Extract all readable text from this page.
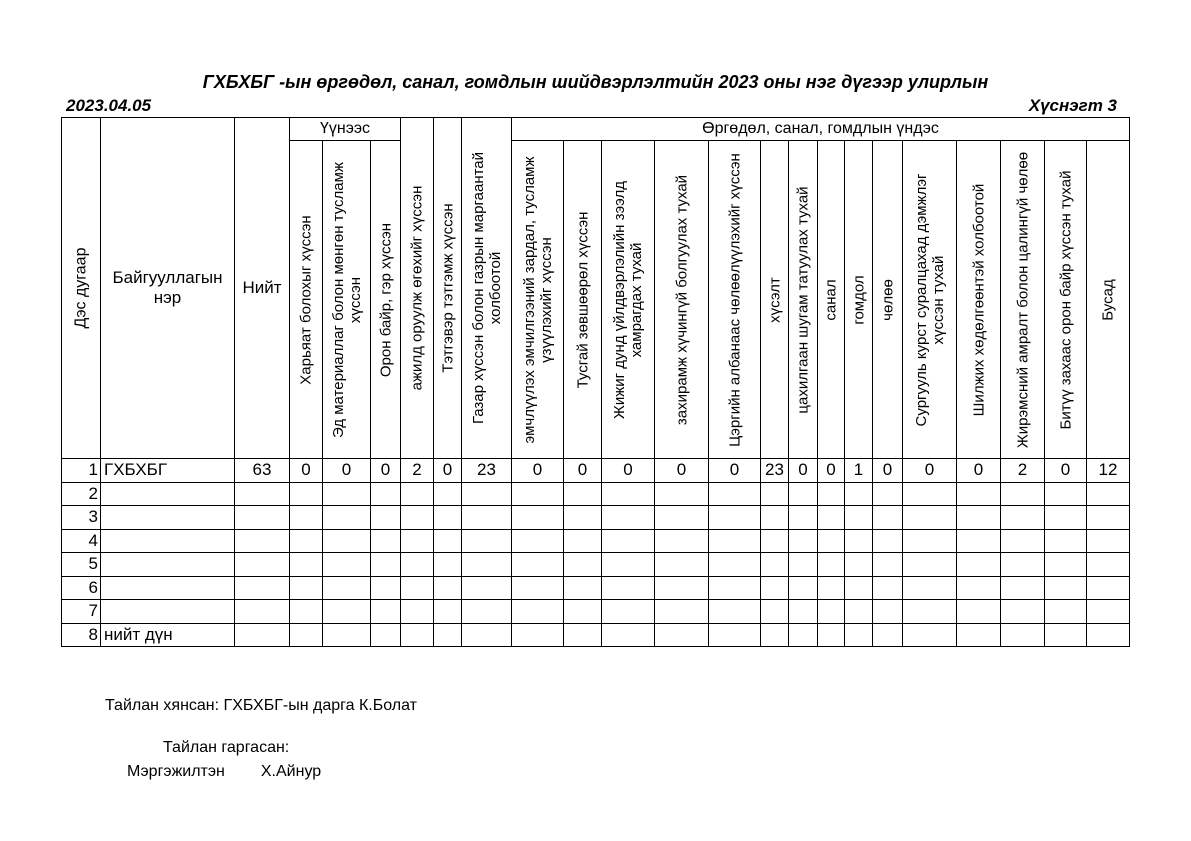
ГХБХБГ -ын өргөдөл, санал, гомдлын шийдвэрлэлтийн 2023 оны нэг дүгээр улирлын
2023.04.05	Хүснэгт 3
Дэс дугаар	Байгууллагын нэр	Нийт	Үүнээс			ажилд оруулж өгөхийг хүссэн	Тэтгэвэр тэтгэмж хүссэн	Газар хүссэн болон газрын маргаантай холбоотой	Өргөдөл, санал, гомдлын үндэс														

			Харьяат болохыг хүссэн	Эд материаллаг болон мөнгөн тусламж хүссэн	Орон байр, гэр хүссэн				эмчлүүлэх эмчилгээний зардал, тусламж үзүүлэхийг хүссэн	Тусгай зөвшөөрөл хүссэн	Жижиг дунд үйлдвэрлэлийн зээлд хамрагдах тухай	захирамж хүчингүй болгуулах тухай	Цэргийн албанаас чөлөөлүүлэхийг хүссэн	хүсэлт	цахилгаан шугам татуулах тухай	санал	гомдол	чөлөө	Сургууль курст суралцахад дэмжлэг хүссэн тухай	Шилжих хөдөлгөөнтэй холбоотой	Жирэмсний амралт болон цалингүй чөлөө	Битүү захаас орон байр хүссэн тухай	Бусад

1	ГХБХБГ	63	0	0	0	2	0	23	0	0	0	0	0	23	0	0	1	0	0	0	2	0	12
2																							
3																							
4																							
5																							
6																							
7																							
8	нийт дүн																						
Тайлан хянсан: ГХБХБГ-ын дарга К.Болат
Тайлан гаргасан:
Мэргэжилтэн Х.Айнур
